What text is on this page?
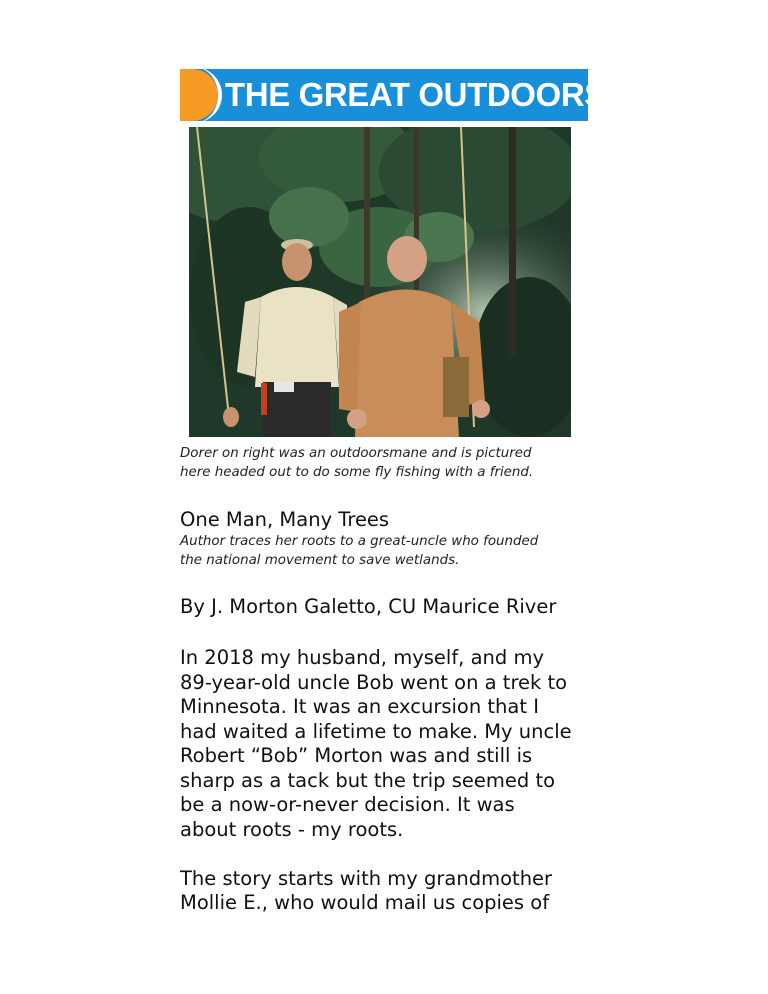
THE GREAT OUTDOORS

Dorer on right was an outdoorsmane and is pictured

here headed out to do some fly fishing with a friend.

One Man, Many Trees

Author traces her roots to a great-uncle who founded

the national movement to save wetlands.

By J. Morton Galetto, CU Maurice River
In 2018 my husband, myself, and my
89-year-old uncle Bob went on a trek to
Minnesota. It was an excursion that I
had waited a lifetime to make. My uncle
Robert “Bob” Morton was and still is
sharp as a tack but the trip seemed to
be a now-or-never decision. It was
about roots - my roots.
The story starts with my grandmother
Mollie E., who would mail us copies of
